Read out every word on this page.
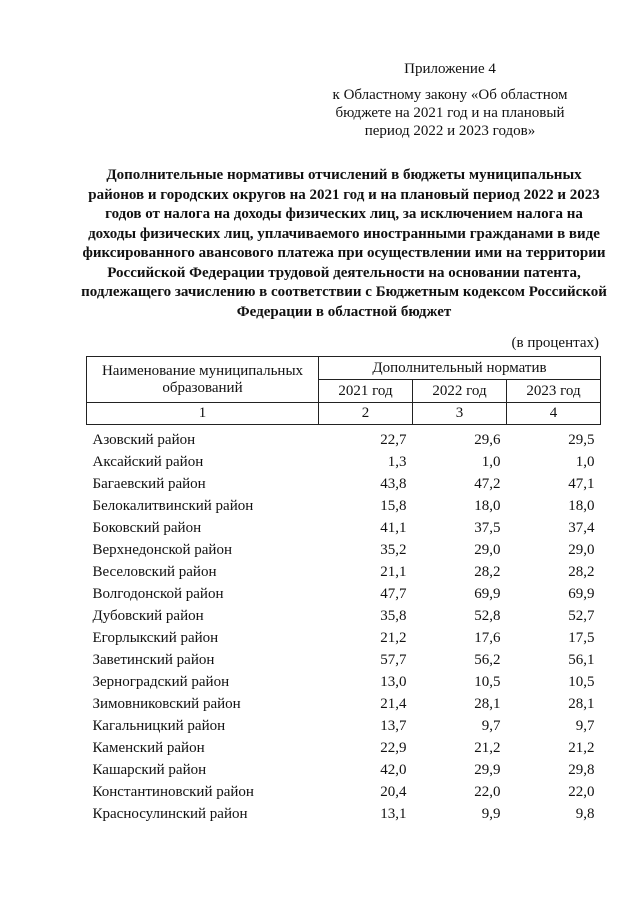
Приложение 4
к Областному закону «Об областном
бюджете на 2021 год и на плановый
период 2022 и 2023 годов»
Дополнительные нормативы отчислений в бюджеты муниципальных районов и городских округов на 2021 год и на плановый период 2022 и 2023 годов от налога на доходы физических лиц, за исключением налога на доходы физических лиц, уплачиваемого иностранными гражданами в виде фиксированного авансового платежа при осуществлении ими на территории Российской Федерации трудовой деятельности на основании патента, подлежащего зачислению в соответствии с Бюджетным кодексом Российской Федерации в областной бюджет
(в процентах)
Наименование муниципальных образований	Дополнительный норматив		
	2021 год	2022 год	2023 год
1	2	3	4
Азовский район	22,7	29,6	29,5
Аксайский район	1,3	1,0	1,0
Багаевский район	43,8	47,2	47,1
Белокалитвинский район	15,8	18,0	18,0
Боковский район	41,1	37,5	37,4
Верхнедонской район	35,2	29,0	29,0
Веселовский район	21,1	28,2	28,2
Волгодонской район	47,7	69,9	69,9
Дубовский район	35,8	52,8	52,7
Егорлыкский район	21,2	17,6	17,5
Заветинский район	57,7	56,2	56,1
Зерноградский район	13,0	10,5	10,5
Зимовниковский район	21,4	28,1	28,1
Кагальницкий район	13,7	9,7	9,7
Каменский район	22,9	21,2	21,2
Кашарский район	42,0	29,9	29,8
Константиновский район	20,4	22,0	22,0
Красносулинский район	13,1	9,9	9,8
